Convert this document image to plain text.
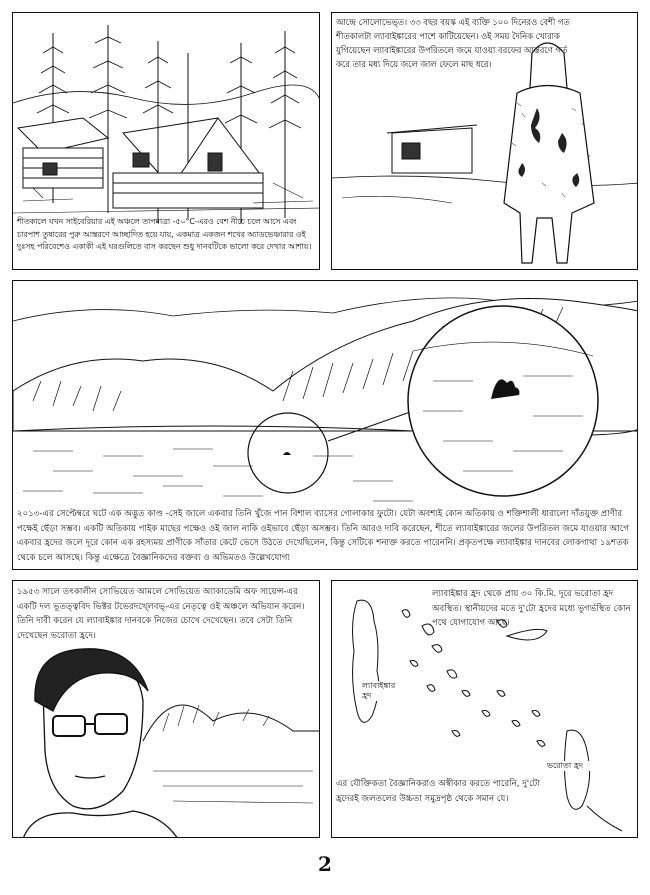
শীতকালে যখন সাইবেরিয়ার এই অঞ্চলে তাপমাত্রা -৫০°C-এরও বেশ নীচে চলে আসে এবং চারপাশ তুষারের পুরু আস্তরণে আচ্ছাদিত হয়ে যায়, একমাত্র একজন শখের অ্যাডভেঞ্চারার ওই দুঃসহ পরিবেশেও একাকী এই ঘরগুলিতে বাস করছেন শুধু দানবটিকে ভালো করে দেখার আশায়।
আন্দ্রে সোলোভেভ্ত। ৩৩ বছর বয়স্ক এই ব্যক্তি ১০০ দিনেরও বেশী গত শীতকালটা ল্যাবাইঙ্কারের পাশে কাটিয়েছেন। ওই সময় দৈনিক খোরাক যুগিয়েছেন ল্যাবাইঙ্কারের উপরিতলে জমে যাওয়া বরফের আস্তরণে গর্ত করে তার মধ্য দিয়ে জলে জাল ফেলে মাছ ধরে।
২০১৩-এর সেপ্টেম্বরে ঘটে এক অদ্ভুত কাণ্ড -সেই জালে একবার তিনি খুঁজে পান বিশাল ব্যাসের গোলাকার ফুটো। যেটা অবশ্যই কোন অতিকায় ও শক্তিশালী ধারালো দাঁতযুক্ত প্রাণীর পক্ষেই ছেঁড়া সম্ভব। একটি অতিকায় পাইক মাছের পক্ষেও ওই জাল নাকি ওইভাবে ছেঁড়া অসম্ভব। তিনি আরও দাবি করেছেন, শীতে ল্যাবাইঙ্কারের জলের উপরিতল জমে যাওয়ার আগে একবার হ্রদের জলে দূরে কোন এক রহস্যময় প্রাণীকে সাঁতার কেটে ভেসে উঠতে দেখেছিলেন, কিন্তু সেটিকে শনাক্ত করতে পারেননি। প্রকৃতপক্ষে ল্যাবাইঙ্কার দানবের লোকগাথা ১৯শতক থেকে চলে আসছে। কিন্তু এক্ষেত্রে বৈজ্ঞানিকদের বক্তব্য ও অভিমতও উল্লেখযোগ্য
১৯৫৩ সালে তৎকালীন সোভিয়েত আমলে সোভিয়েত অ্যাকাডেমি অফ সায়েন্স-এর একটি দল ভূতত্ত্ববিদ ভিক্টর টভেরদখ্লেবভ্-এর নেতৃত্বে ওই অঞ্চলে অভিযান করেন। তিনি দাবী করেন যে ল্যাবাইঙ্কার দানবকে নিজের চোখে দেখেছেন। তবে সেটা তিনি দেখেছেন ভরোতা হ্রদে।
ল্যাবাইঙ্কার হ্রদ থেকে প্রায় ৩০ কি.মি. দূরে ভরোতা হ্রদ অবস্থিত। স্থানীয়দের মতে দু'টো হ্রদের মধ্যে ভূগর্ভস্থিত কোন পথে যোগাযোগ আছে।
ল্যাবাইঙ্কার হ্রদ
ভরোতা হ্রদ
এর যৌক্তিকতা বৈজ্ঞানিকরাও অস্বীকার করতে পারেনি, দু'টো হ্রদেরই জলতলের উচ্চতা সমুদ্রপৃষ্ঠ থেকে সমান যে।
2
